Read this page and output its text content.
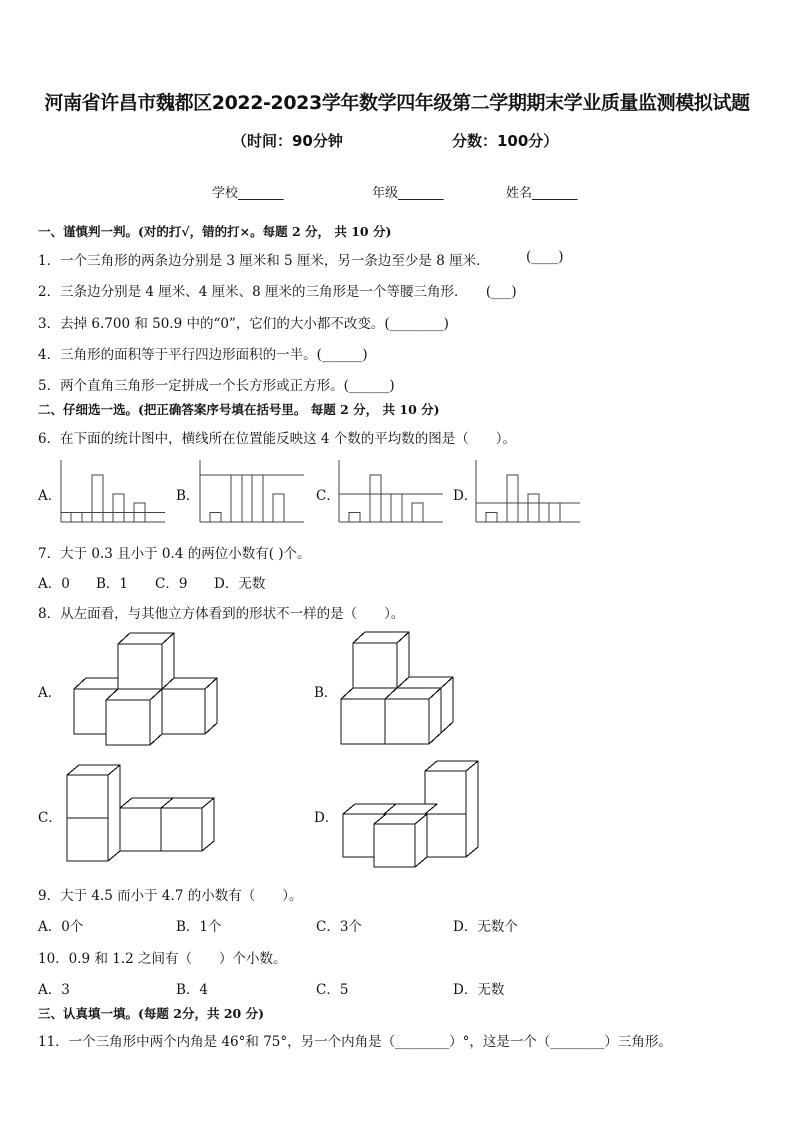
河南省许昌市魏都区2022-2023学年数学四年级第二学期期末学业质量监测模拟试题
（时间：90分钟	分数：100分）
学校_______	年级_______	姓名_______
一、谨慎判一判。(对的打√，错的打×。每题 2 分， 共 10 分)
1．一个三角形的两条边分别是 3 厘米和 5 厘米，另一条边至少是 8 厘米．	(____)
2．三条边分别是 4 厘米、4 厘米、8 厘米的三角形是一个等腰三角形． (___)
3．去掉 6.700 和 50.9 中的“0”，它们的大小都不改变。(________)
4．三角形的面积等于平行四边形面积的一半。(______)
5．两个直角三角形一定拼成一个长方形或正方形。(______)
二、仔细选一选。(把正确答案序号填在括号里。 每题 2 分， 共 10 分)
6．在下面的统计图中，横线所在位置能反映这 4 个数的平均数的图是（　　）。
A．	B．	C．	D．
7．大于 0.3 且小于 0.4 的两位小数有( )个。
A．0 B．1 C．9 D．无数
8．从左面看，与其他立方体看到的形状不一样的是（　　）。
A．	B．
C．	D．
9．大于 4.5 而小于 4.7 的小数有（　　）。
A．0个	B．1个	C．3个	D．无数个
10．0.9 和 1.2 之间有（　　）个小数。
A．3	B．4	C．5	D．无数
三、认真填一填。(每题 2分，共 20 分)
11．一个三角形中两个内角是 46°和 75°，另一个内角是（________）°，这是一个（________）三角形。
